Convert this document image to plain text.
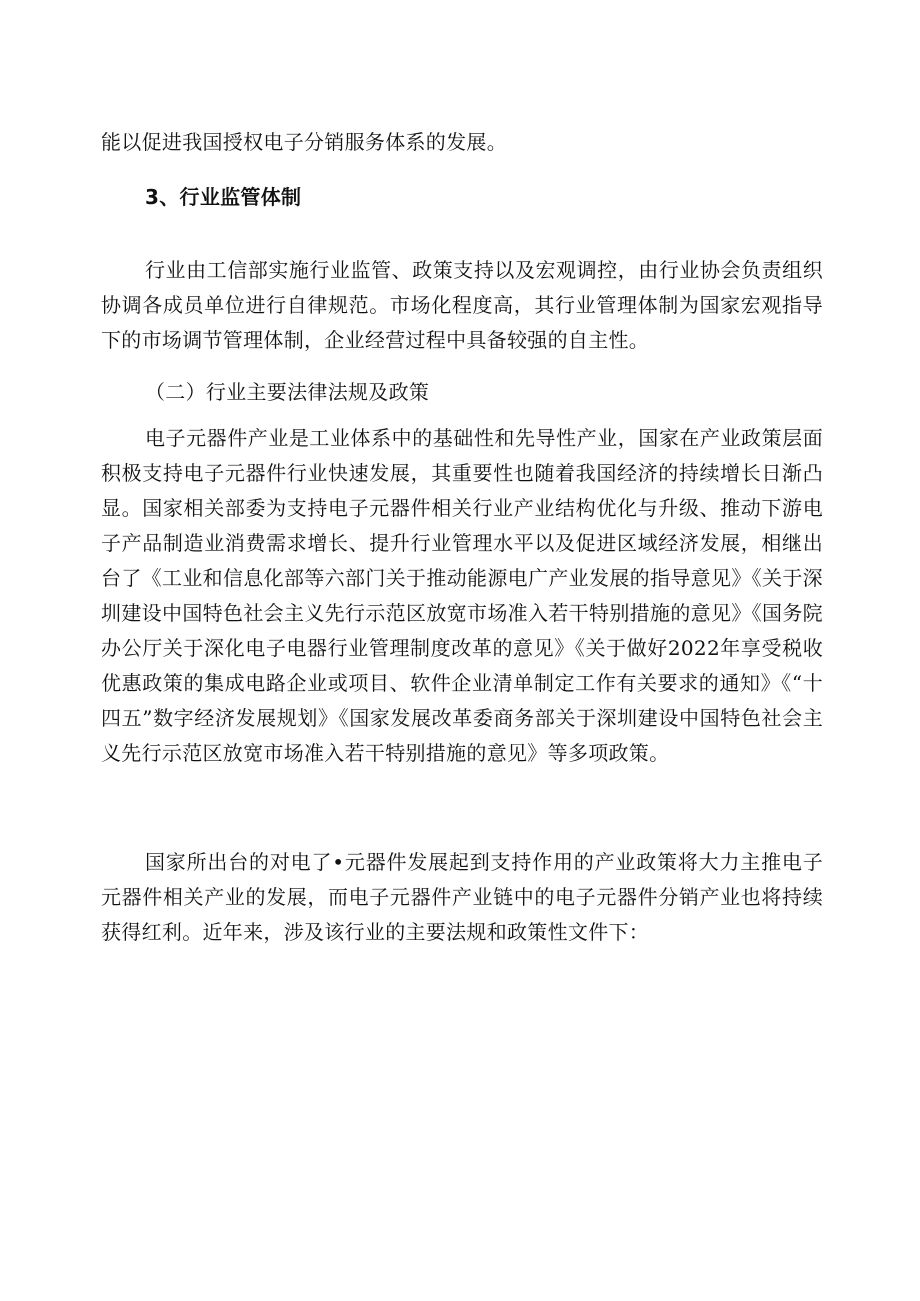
能以促进我国授权电子分销服务体系的发展。

3、行业监管体制

行业由工信部实施行业监管、政策支持以及宏观调控，由行业协会负责组织协调各成员单位进行自律规范。市场化程度高，其行业管理体制为国家宏观指导下的市场调节管理体制，企业经营过程中具备较强的自主性。

（二）行业主要法律法规及政策

电子元器件产业是工业体系中的基础性和先导性产业，国家在产业政策层面积极支持电子元器件行业快速发展，其重要性也随着我国经济的持续增长日渐凸显。国家相关部委为支持电子元器件相关行业产业结构优化与升级、推动下游电子产品制造业消费需求增长、提升行业管理水平以及促进区域经济发展，相继出台了《工业和信息化部等六部门关于推动能源电广产业发展的指导意见》《关于深圳建设中国特色社会主义先行示范区放宽市场准入若干特别措施的意见》《国务院办公厅关于深化电子电器行业管理制度改革的意见》《关于做好2022年享受税收优惠政策的集成电路企业或项目、软件企业清单制定工作有关要求的通知》《“十四五”数字经济发展规划》《国家发展改革委商务部关于深圳建设中国特色社会主义先行示范区放宽市场准入若干特别措施的意见》等多项政策。

国家所出台的对电了•元器件发展起到支持作用的产业政策将大力主推电子元器件相关产业的发展，而电子元器件产业链中的电子元器件分销产业也将持续获得红利。近年来，涉及该行业的主要法规和政策性文件下：
